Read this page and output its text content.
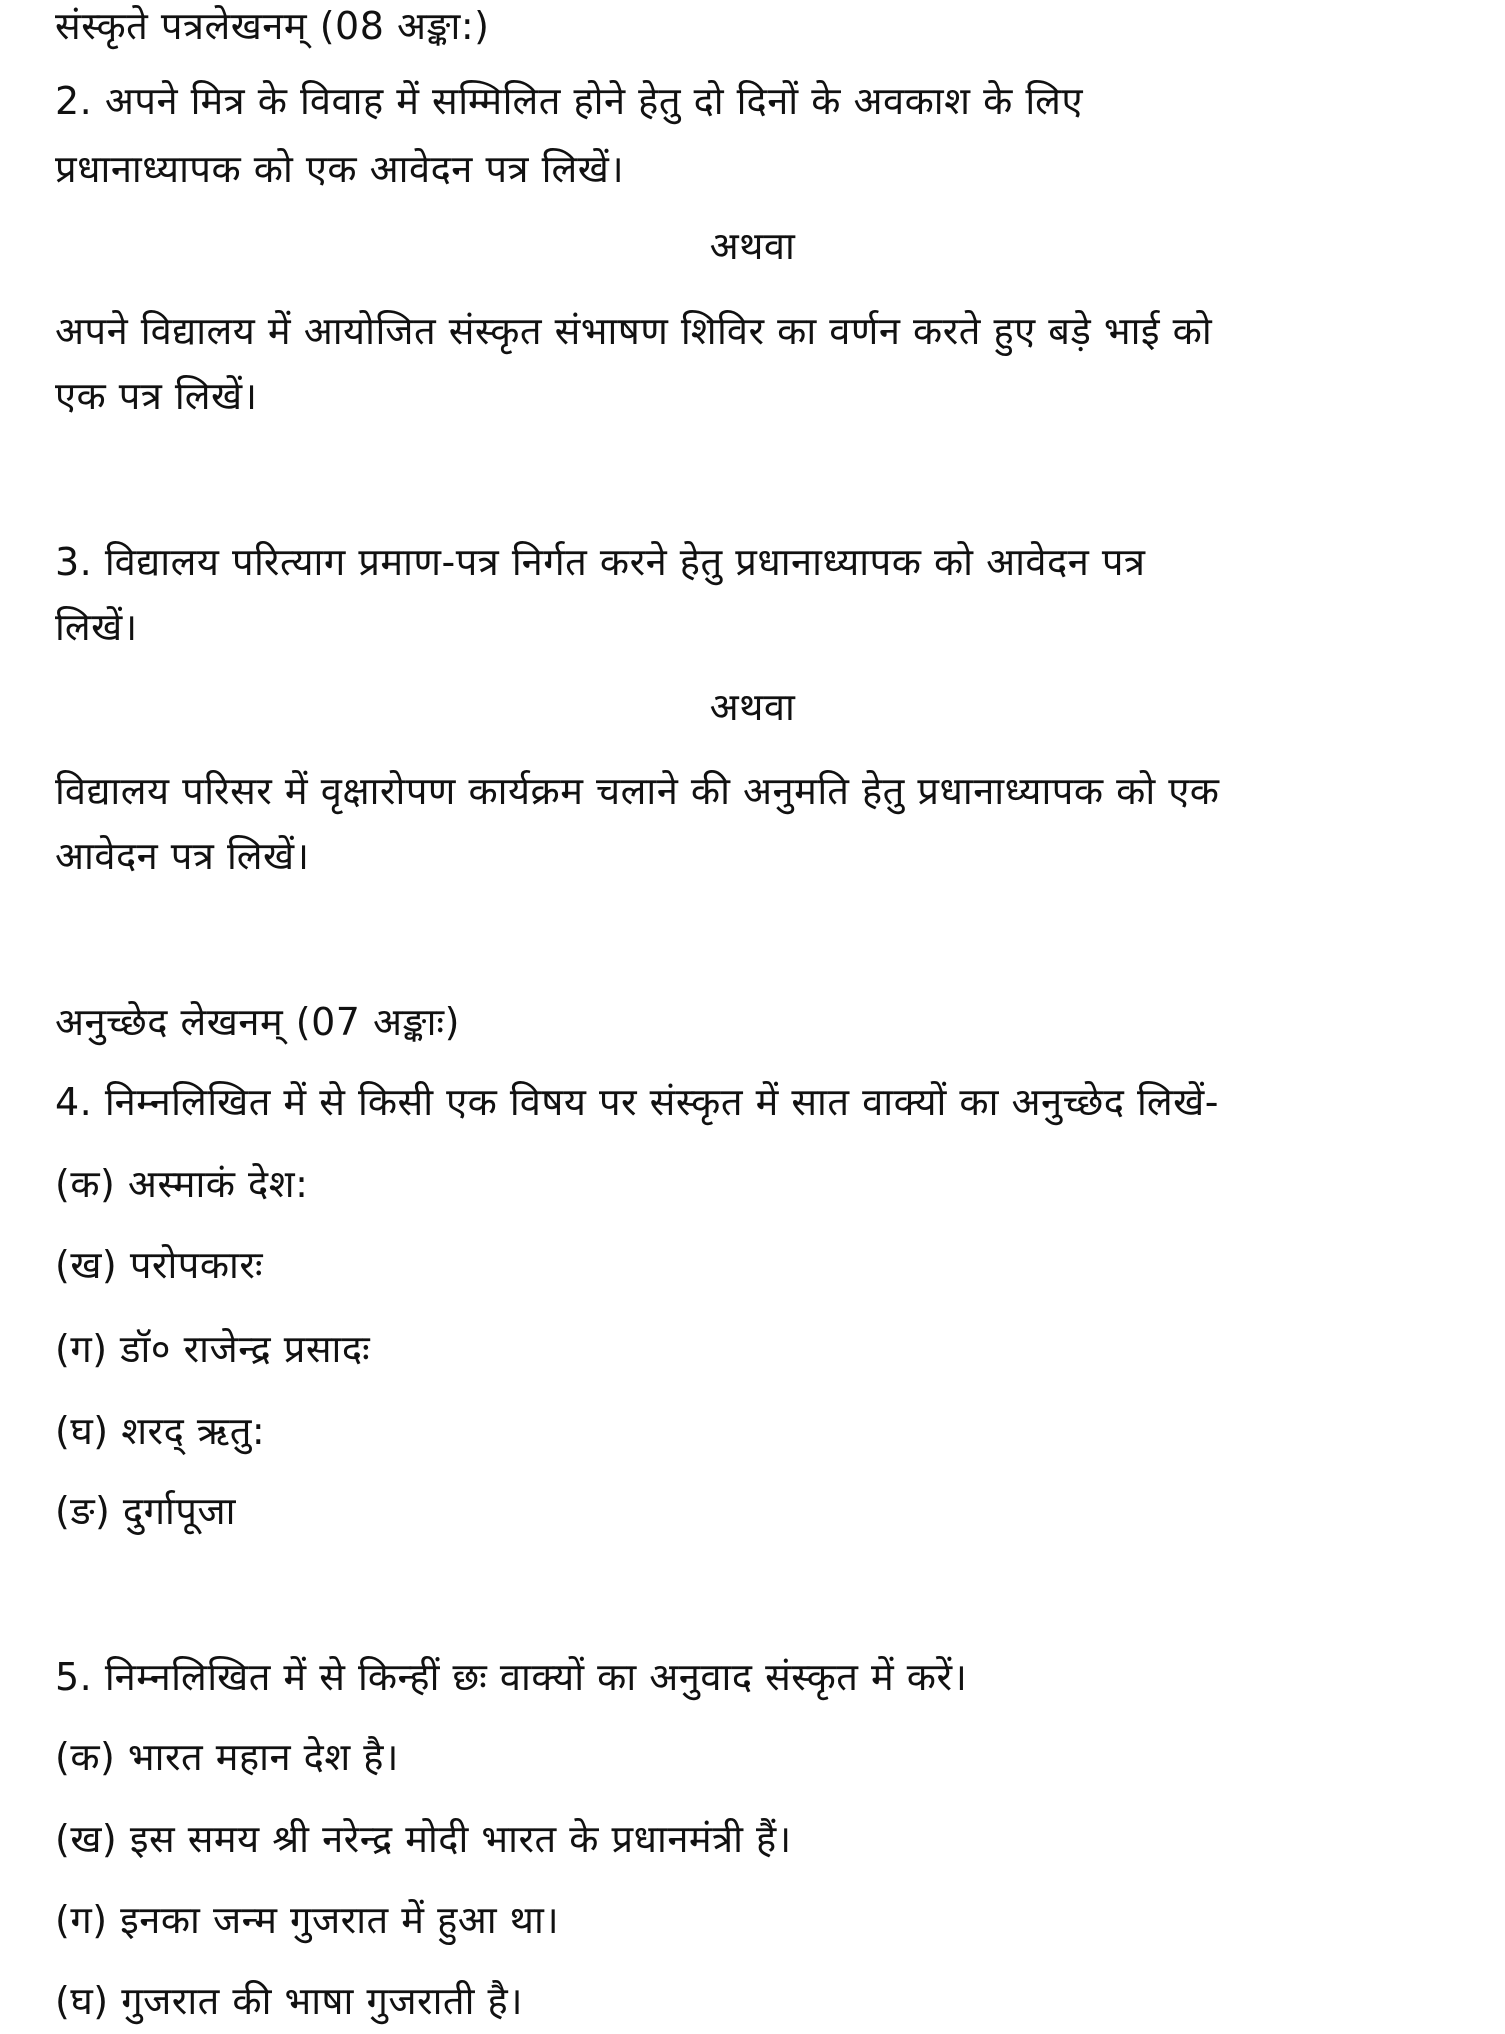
संस्कृते पत्रलेखनम् (08 अङ्का:)
2. अपने मित्र के विवाह में सम्मिलित होने हेतु दो दिनों के अवकाश के लिए
प्रधानाध्यापक को एक आवेदन पत्र लिखें।
अथवा
अपने विद्यालय में आयोजित संस्कृत संभाषण शिविर का वर्णन करते हुए बड़े भाई को
एक पत्र लिखें।
3. विद्यालय परित्याग प्रमाण-पत्र निर्गत करने हेतु प्रधानाध्यापक को आवेदन पत्र
लिखें।
अथवा
विद्यालय परिसर में वृक्षारोपण कार्यक्रम चलाने की अनुमति हेतु प्रधानाध्यापक को एक
आवेदन पत्र लिखें।
अनुच्छेद लेखनम् (07 अङ्काः)
4. निम्नलिखित में से किसी एक विषय पर संस्कृत में सात वाक्यों का अनुच्छेद लिखें-
(क) अस्माकं देश:
(ख) परोपकारः
(ग) डॉ० राजेन्द्र प्रसादः
(घ) शरद् ऋतु:
(ङ) दुर्गापूजा
5. निम्नलिखित में से किन्हीं छः वाक्यों का अनुवाद संस्कृत में करें।
(क) भारत महान देश है।
(ख) इस समय श्री नरेन्द्र मोदी भारत के प्रधानमंत्री हैं।
(ग) इनका जन्म गुजरात में हुआ था।
(घ) गुजरात की भाषा गुजराती है।
